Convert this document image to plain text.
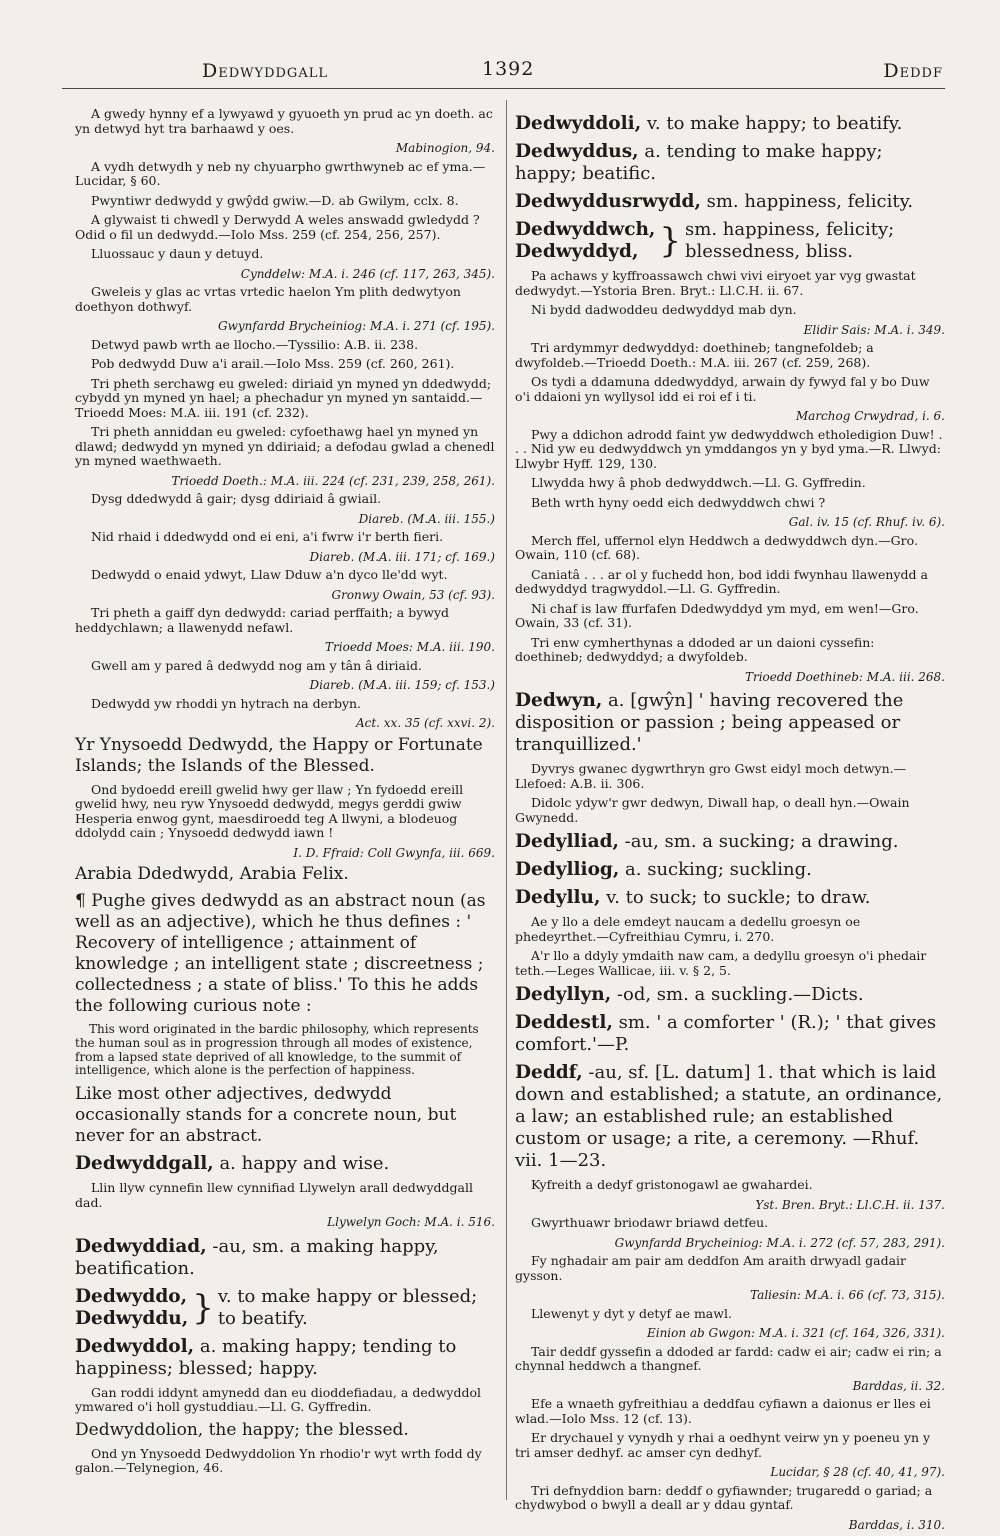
Dedwyddgall	1392	Deddf
A gwedy hynny ef a lywyawd y gyuoeth yn prud ac yn doeth. ac yn detwyd hyt tra barhaawd y oes.
Mabinogion, 94.
A vydh detwydh y neb ny chyuarpho gwrthwyneb ac ef yma.—Lucidar, § 60.
Pwyntiwr dedwydd y gwŷdd gwiw.—D. ab Gwilym, cclx. 8.
A glywaist ti chwedl y Derwydd A weles answadd gwledydd ? Odid o fil un dedwydd.—Iolo Mss. 259 (cf. 254, 256, 257).
Lluossauc y daun y detuyd.
Cynddelw: M.A. i. 246 (cf. 117, 263, 345).
Gweleis y glas ac vrtas vrtedic haelon Ym plith dedwytyon doethyon dothwyf.
Gwynfardd Brycheiniog: M.A. i. 271 (cf. 195).
Detwyd pawb wrth ae llocho.—Tyssilio: A.B. ii. 238.
Pob dedwydd Duw a'i arail.—Iolo Mss. 259 (cf. 260, 261).
Tri pheth serchawg eu gweled: diriaid yn myned yn ddedwydd; cybydd yn myned yn hael; a phechadur yn myned yn santaidd.—Trioedd Moes: M.A. iii. 191 (cf. 232).
Tri pheth anniddan eu gweled: cyfoethawg hael yn myned yn dlawd; dedwydd yn myned yn ddiriaid; a defodau gwlad a chenedl yn myned waethwaeth.
Trioedd Doeth.: M.A. iii. 224 (cf. 231, 239, 258, 261).
Dysg ddedwydd â gair; dysg ddiriaid â gwiail.
Diareb. (M.A. iii. 155.)
Nid rhaid i ddedwydd ond ei eni, a'i fwrw i'r berth fieri.
Diareb. (M.A. iii. 171; cf. 169.)
Dedwydd o enaid ydwyt, Llaw Dduw a'n dyco lle'dd wyt.
Gronwy Owain, 53 (cf. 93).
Tri pheth a gaiff dyn dedwydd: cariad perffaith; a bywyd heddychlawn; a llawenydd nefawl.
Trioedd Moes: M.A. iii. 190.
Gwell am y pared â dedwydd nog am y tân â diriaid.
Diareb. (M.A. iii. 159; cf. 153.)
Dedwydd yw rhoddi yn hytrach na derbyn.
Act. xx. 35 (cf. xxvi. 2).
Yr Ynysoedd Dedwydd, the Happy or Fortunate Islands; the Islands of the Blessed.
Ond bydoedd ereill gwelid hwy ger llaw ; Yn fydoedd ereill gwelid hwy, neu ryw Ynysoedd dedwydd, megys gerddi gwiw Hesperia enwog gynt, maesdiroedd teg A llwyni, a blodeuog ddolydd cain ; Ynysoedd dedwydd iawn !
I. D. Ffraid: Coll Gwynfa, iii. 669.
Arabia Ddedwydd, Arabia Felix.
¶ Pughe gives dedwydd as an abstract noun (as well as an adjective), which he thus defines : ' Recovery of intelligence ; attainment of knowledge ; an intelligent state ; discreetness ; collectedness ; a state of bliss.' To this he adds the following curious note :
This word originated in the bardic philosophy, which represents the human soul as in progression through all modes of existence, from a lapsed state deprived of all knowledge, to the summit of intelligence, which alone is the perfection of happiness.
Like most other adjectives, dedwydd occasionally stands for a concrete noun, but never for an abstract.
Dedwyddgall, a. happy and wise.
Llin llyw cynnefin llew cynnifiad Llywelyn arall dedwyddgall dad.
Llywelyn Goch: M.A. i. 516.
Dedwyddiad, -au, sm. a making happy, beatification.
Dedwyddo,
Dedwyddu, } v. to make happy or blessed; to beatify.
Dedwyddol, a. making happy; tending to happiness; blessed; happy.
Gan roddi iddynt amynedd dan eu dioddefiadau, a dedwyddol ymwared o'i holl gystuddiau.—Ll. G. Gyffredin.
Dedwyddolion, the happy; the blessed.
Ond yn Ynysoedd Dedwyddolion Yn rhodio'r wyt wrth fodd dy galon.—Telynegion, 46.
Dedwyddoli, v. to make happy; to beatify.
Dedwyddus, a. tending to make happy; happy; beatific.
Dedwyddusrwydd, sm. happiness, felicity.
Dedwyddwch,
Dedwyddyd, } sm. happiness, felicity; blessedness, bliss.
Pa achaws y kyffroassawch chwi vivi eiryoet yar vyg gwastat dedwydyt.—Ystoria Bren. Bryt.: Ll.C.H. ii. 67.
Ni bydd dadwoddeu dedwyddyd mab dyn.
Elidir Sais: M.A. i. 349.
Tri ardymmyr dedwyddyd: doethineb; tangnefoldeb; a dwyfoldeb.—Trioedd Doeth.: M.A. iii. 267 (cf. 259, 268).
Os tydi a ddamuna ddedwyddyd, arwain dy fywyd fal y bo Duw o'i ddaioni yn wyllysol idd ei roi ef i ti.
Marchog Crwydrad, i. 6.
Pwy a ddichon adrodd faint yw dedwyddwch etholedigion Duw! . . . Nid yw eu dedwyddwch yn ymddangos yn y byd yma.—R. Llwyd: Llwybr Hyff. 129, 130.
Llwydda hwy â phob dedwyddwch.—Ll. G. Gyffredin.
Beth wrth hyny oedd eich dedwyddwch chwi ?
Gal. iv. 15 (cf. Rhuf. iv. 6).
Merch ffel, uffernol elyn Heddwch a dedwyddwch dyn.—Gro. Owain, 110 (cf. 68).
Caniatâ . . . ar ol y fuchedd hon, bod iddi fwynhau llawenydd a dedwyddyd tragwyddol.—Ll. G. Gyffredin.
Ni chaf is law ffurfafen Ddedwyddyd ym myd, em wen!—Gro. Owain, 33 (cf. 31).
Tri enw cymherthynas a ddoded ar un daioni cyssefin: doethineb; dedwyddyd; a dwyfoldeb.
Trioedd Doethineb: M.A. iii. 268.
Dedwyn, a. [gwŷn] ' having recovered the disposition or passion ; being appeased or tranquillized.'
Dyvrys gwanec dygwrthryn gro Gwst eidyl moch detwyn.—Llefoed: A.B. ii. 306.
Didolc ydyw'r gwr dedwyn, Diwall hap, o deall hyn.—Owain Gwynedd.
Dedylliad, -au, sm. a sucking; a drawing.
Dedylliog, a. sucking; suckling.
Dedyllu, v. to suck; to suckle; to draw.
Ae y llo a dele emdeyt naucam a dedellu groesyn oe phedeyrthet.—Cyfreithiau Cymru, i. 270.
A'r llo a ddyly ymdaith naw cam, a dedyllu groesyn o'i phedair teth.—Leges Wallicae, iii. v. § 2, 5.
Dedyllyn, -od, sm. a suckling.—Dicts.
Deddestl, sm. ' a comforter ' (R.); ' that gives comfort.'—P.
Deddf, -au, sf. [L. datum] 1. that which is laid down and established; a statute, an ordinance, a law; an established rule; an established custom or usage; a rite, a ceremony. —Rhuf. vii. 1—23.
Kyfreith a dedyf gristonogawl ae gwahardei.
Yst. Bren. Bryt.: Ll.C.H. ii. 137.
Gwyrthuawr briodawr briawd detfeu.
Gwynfardd Brycheiniog: M.A. i. 272 (cf. 57, 283, 291).
Fy nghadair am pair am deddfon Am araith drwyadl gadair gysson.
Taliesin: M.A. i. 66 (cf. 73, 315).
Llewenyt y dyt y detyf ae mawl.
Einion ab Gwgon: M.A. i. 321 (cf. 164, 326, 331).
Tair deddf gyssefin a ddoded ar fardd: cadw ei air; cadw ei rin; a chynnal heddwch a thangnef.
Barddas, ii. 32.
Efe a wnaeth gyfreithiau a deddfau cyfiawn a daionus er lles ei wlad.—Iolo Mss. 12 (cf. 13).
Er drychauel y vynydh y rhai a oedhynt veirw yn y poeneu yn y tri amser dedhyf. ac amser cyn dedhyf.
Lucidar, § 28 (cf. 40, 41, 97).
Tri defnyddion barn: deddf o gyfiawnder; trugaredd o gariad; a chydwybod o bwyll a deall ar y ddau gyntaf.
Barddas, i. 310.
